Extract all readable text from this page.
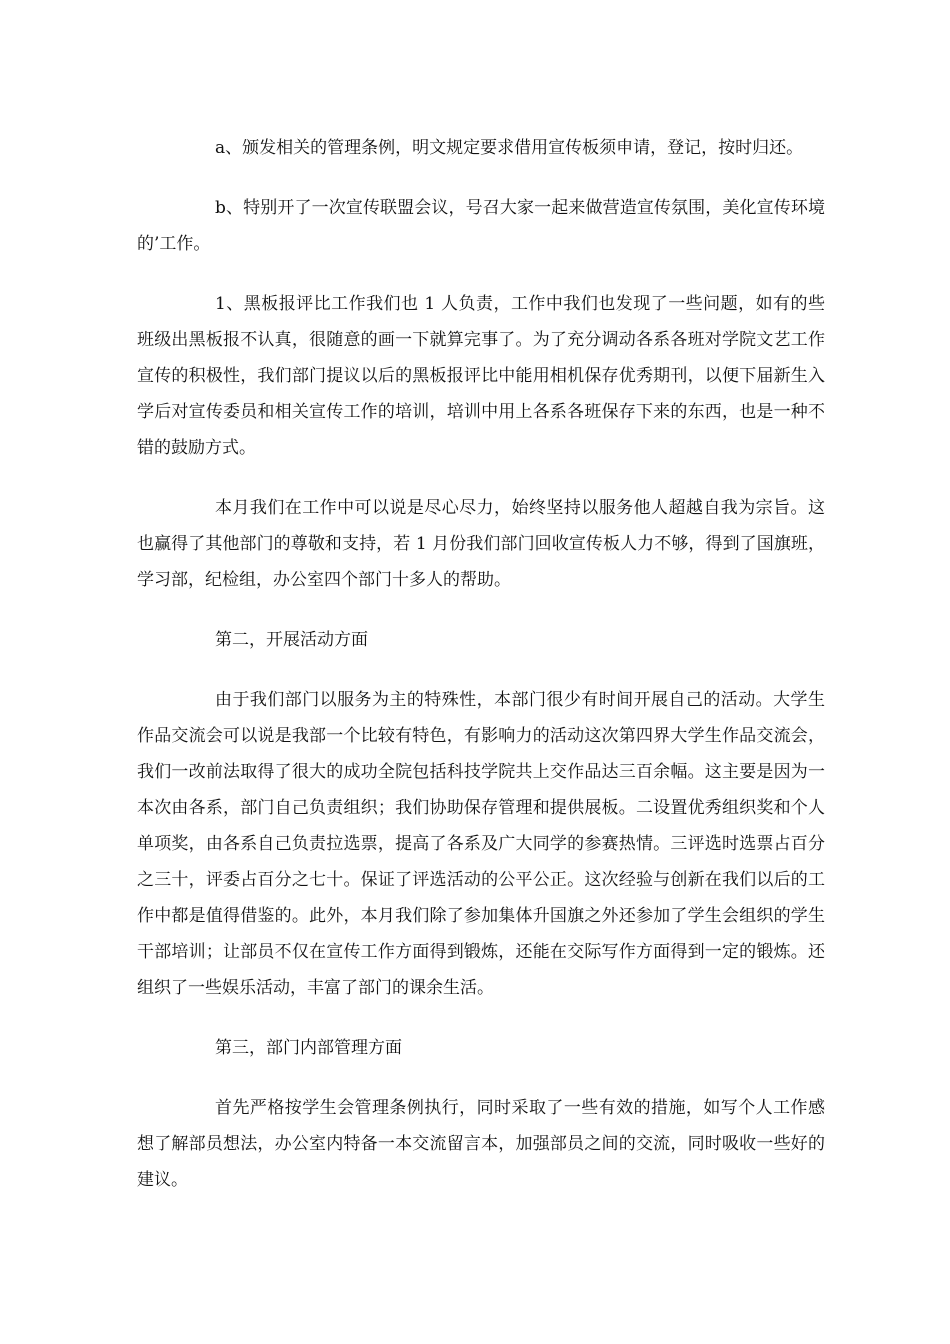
a、颁发相关的管理条例，明文规定要求借用宣传板须申请，登记，按时归还。

b、特别开了一次宣传联盟会议，号召大家一起来做营造宣传氛围，美化宣传环境的’工作。

1、黑板报评比工作我们也 1 人负责，工作中我们也发现了一些问题，如有的些班级出黑板报不认真，很随意的画一下就算完事了。为了充分调动各系各班对学院文艺工作宣传的积极性，我们部门提议以后的黑板报评比中能用相机保存优秀期刊，以便下届新生入学后对宣传委员和相关宣传工作的培训，培训中用上各系各班保存下来的东西，也是一种不错的鼓励方式。

本月我们在工作中可以说是尽心尽力，始终坚持以服务他人超越自我为宗旨。这也赢得了其他部门的尊敬和支持，若 1 月份我们部门回收宣传板人力不够，得到了国旗班，学习部，纪检组，办公室四个部门十多人的帮助。

第二，开展活动方面

由于我们部门以服务为主的特殊性，本部门很少有时间开展自己的活动。大学生作品交流会可以说是我部一个比较有特色，有影响力的活动这次第四界大学生作品交流会，我们一改前法取得了很大的成功全院包括科技学院共上交作品达三百余幅。这主要是因为一本次由各系，部门自己负责组织；我们协助保存管理和提供展板。二设置优秀组织奖和个人单项奖，由各系自己负责拉选票，提高了各系及广大同学的参赛热情。三评选时选票占百分之三十，评委占百分之七十。保证了评选活动的公平公正。这次经验与创新在我们以后的工作中都是值得借鉴的。此外，本月我们除了参加集体升国旗之外还参加了学生会组织的学生干部培训；让部员不仅在宣传工作方面得到锻炼，还能在交际写作方面得到一定的锻炼。还组织了一些娱乐活动，丰富了部门的课余生活。

第三，部门内部管理方面

首先严格按学生会管理条例执行，同时采取了一些有效的措施，如写个人工作感想了解部员想法，办公室内特备一本交流留言本，加强部员之间的交流，同时吸收一些好的建议。
